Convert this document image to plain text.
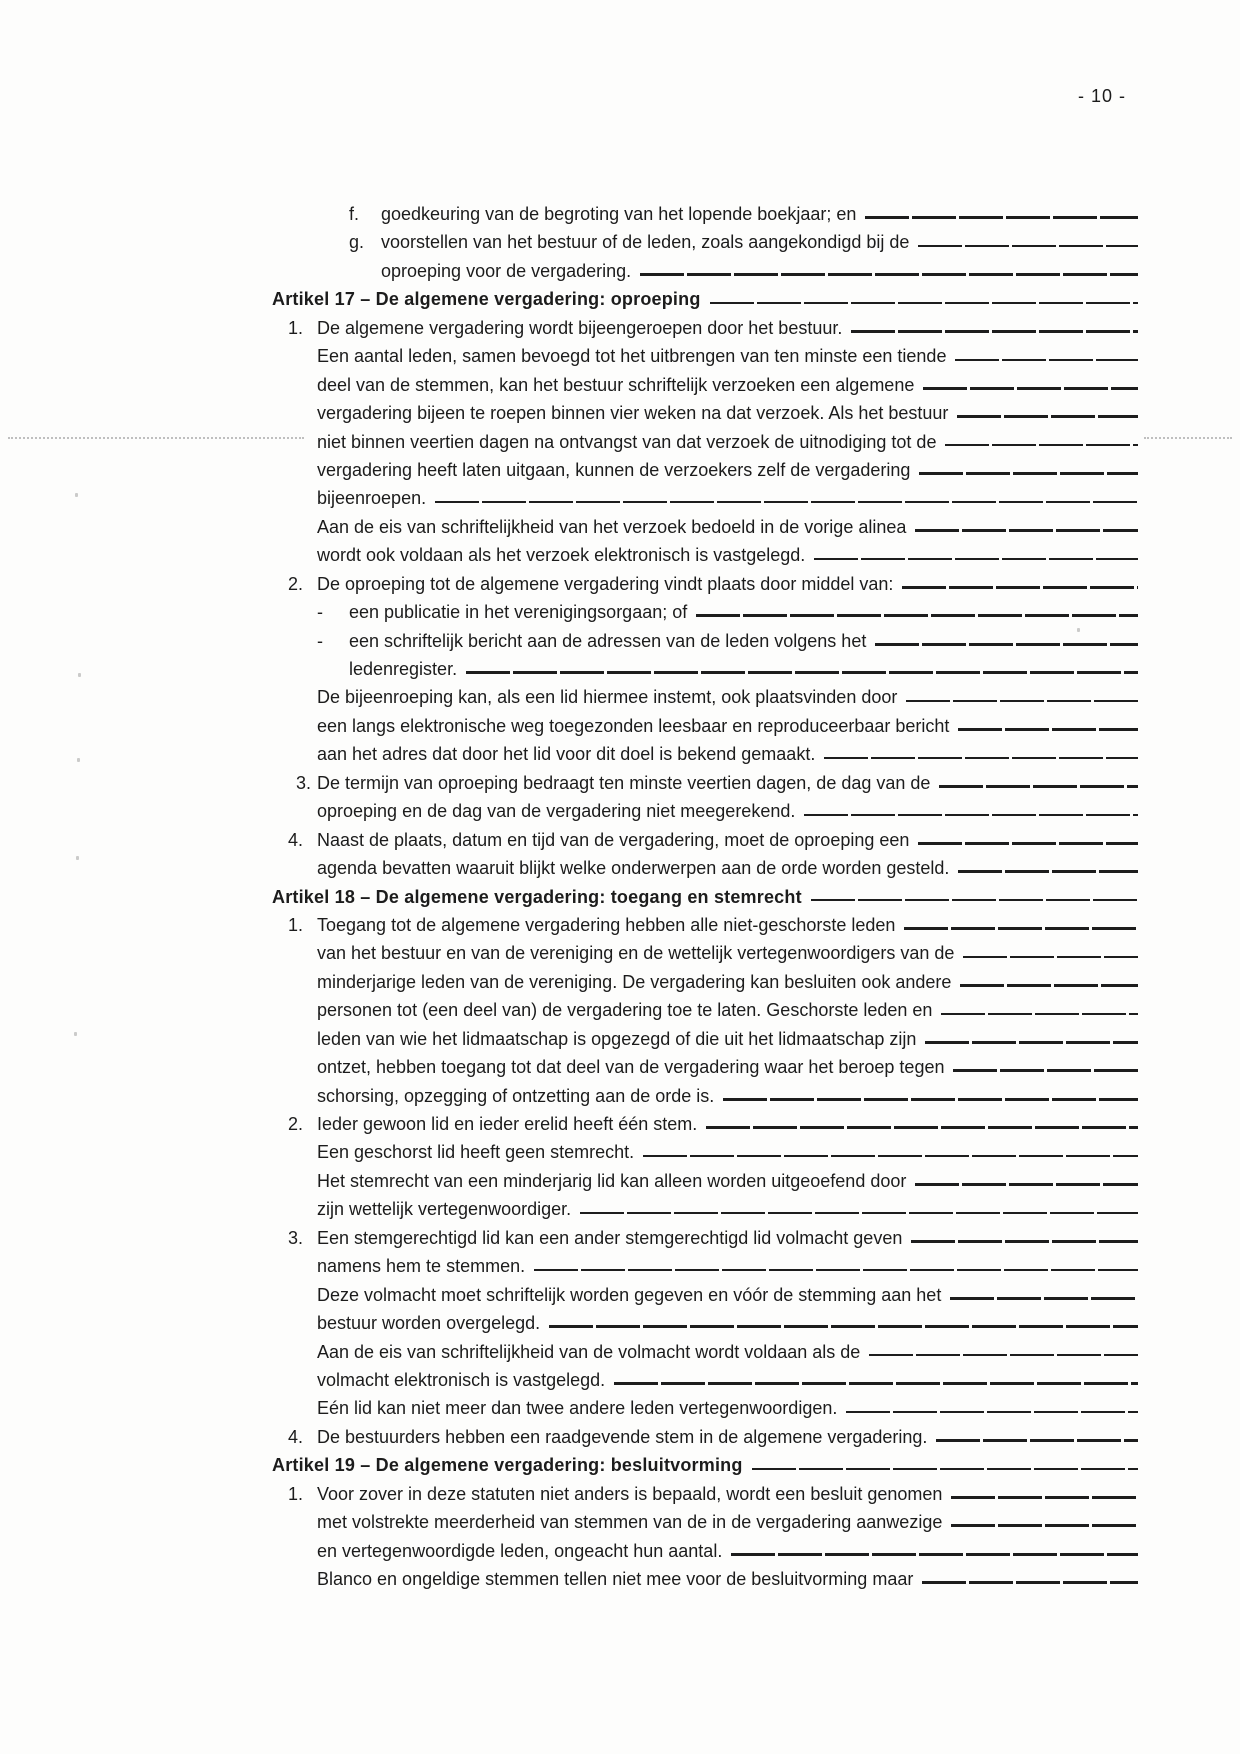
- 10 -
f.	goedkeuring van de begroting van het lopende boekjaar; en
g. voorstellen van het bestuur of de leden, zoals aangekondigd bij de
oproeping voor de vergadering.
Artikel 17 – De algemene vergadering: oproeping
1. De algemene vergadering wordt bijeengeroepen door het bestuur.
Een aantal leden, samen bevoegd tot het uitbrengen van ten minste een tiende
deel van de stemmen, kan het bestuur schriftelijk verzoeken een algemene
vergadering bijeen te roepen binnen vier weken na dat verzoek. Als het bestuur
niet binnen veertien dagen na ontvangst van dat verzoek de uitnodiging tot de
vergadering heeft laten uitgaan, kunnen de verzoekers zelf de vergadering
bijeenroepen.
Aan de eis van schriftelijkheid van het verzoek bedoeld in de vorige alinea
wordt ook voldaan als het verzoek elektronisch is vastgelegd.
2. De oproeping tot de algemene vergadering vindt plaats door middel van:
-	een publicatie in het verenigingsorgaan; of
-	een schriftelijk bericht aan de adressen van de leden volgens het
ledenregister.
De bijeenroeping kan, als een lid hiermee instemt, ook plaatsvinden door
een langs elektronische weg toegezonden leesbaar en reproduceerbaar bericht
aan het adres dat door het lid voor dit doel is bekend gemaakt.
3. De termijn van oproeping bedraagt ten minste veertien dagen, de dag van de
oproeping en de dag van de vergadering niet meegerekend.
4. Naast de plaats, datum en tijd van de vergadering, moet de oproeping een
agenda bevatten waaruit blijkt welke onderwerpen aan de orde worden gesteld.
Artikel 18 – De algemene vergadering: toegang en stemrecht
1. Toegang tot de algemene vergadering hebben alle niet-geschorste leden
van het bestuur en van de vereniging en de wettelijk vertegenwoordigers van de
minderjarige leden van de vereniging. De vergadering kan besluiten ook andere
personen tot (een deel van) de vergadering toe te laten. Geschorste leden en
leden van wie het lidmaatschap is opgezegd of die uit het lidmaatschap zijn
ontzet, hebben toegang tot dat deel van de vergadering waar het beroep tegen
schorsing, opzegging of ontzetting aan de orde is.
2. Ieder gewoon lid en ieder erelid heeft één stem.
Een geschorst lid heeft geen stemrecht.
Het stemrecht van een minderjarig lid kan alleen worden uitgeoefend door
zijn wettelijk vertegenwoordiger.
3. Een stemgerechtigd lid kan een ander stemgerechtigd lid volmacht geven
namens hem te stemmen.
Deze volmacht moet schriftelijk worden gegeven en vóór de stemming aan het
bestuur worden overgelegd.
Aan de eis van schriftelijkheid van de volmacht wordt voldaan als de
volmacht elektronisch is vastgelegd.
Eén lid kan niet meer dan twee andere leden vertegenwoordigen.
4. De bestuurders hebben een raadgevende stem in de algemene vergadering.
Artikel 19 – De algemene vergadering: besluitvorming
1. Voor zover in deze statuten niet anders is bepaald, wordt een besluit genomen
met volstrekte meerderheid van stemmen van de in de vergadering aanwezige
en vertegenwoordigde leden, ongeacht hun aantal.
Blanco en ongeldige stemmen tellen niet mee voor de besluitvorming maar
